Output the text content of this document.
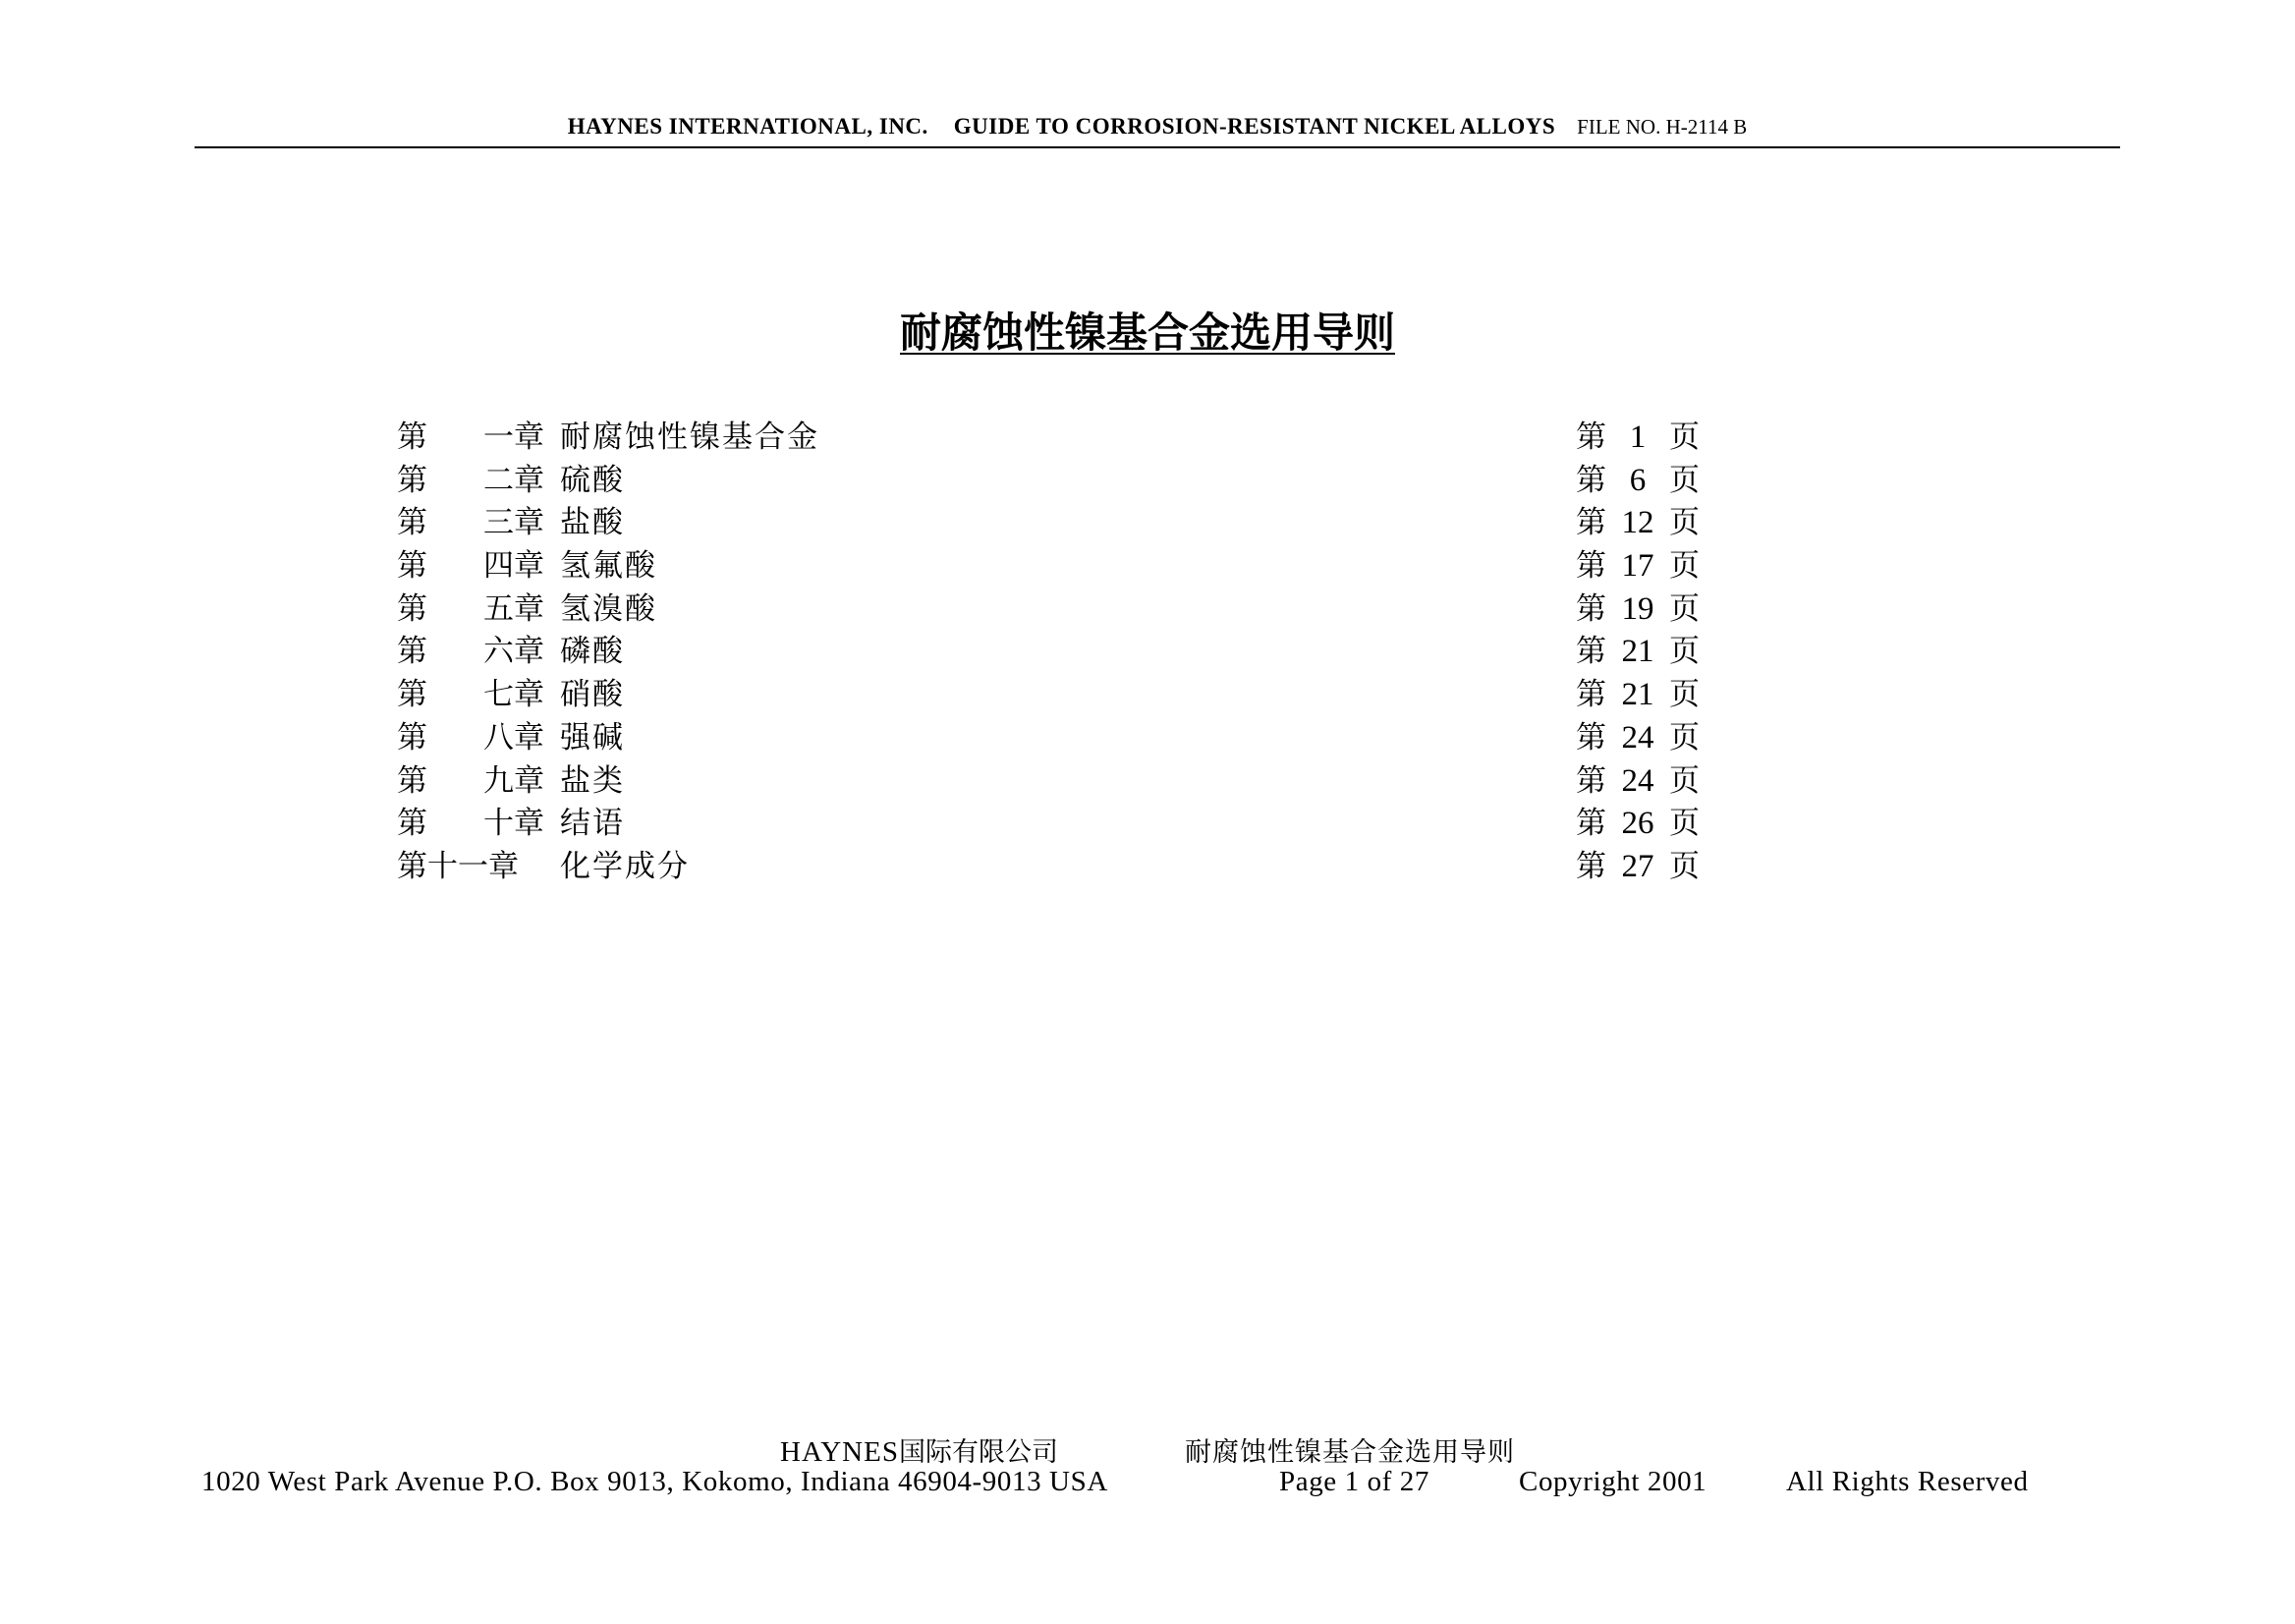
HAYNES INTERNATIONAL, INC. GUIDE TO CORROSION-RESISTANT NICKEL ALLOYS FILE NO. H-2114 B
耐腐蚀性镍基合金选用导则
第 一章 耐腐蚀性镍基合金	第 1 页
第 二章 硫酸	第 6 页
第 三章 盐酸	第 12 页
第 四章 氢氟酸	第 17 页
第 五章 氢溴酸	第 19 页
第 六章 磷酸	第 21 页
第 七章 硝酸	第 21 页
第 八章 强碱	第 24 页
第 九章 盐类	第 24 页
第 十章 结语	第 26 页
第十一章 化学成分	第 27 页
HAYNES国际有限公司	耐腐蚀性镍基合金选用导则
1020 West Park Avenue P.O. Box 9013, Kokomo, Indiana 46904-9013 USA	Page 1 of 27	Copyright 2001	All Rights Reserved
